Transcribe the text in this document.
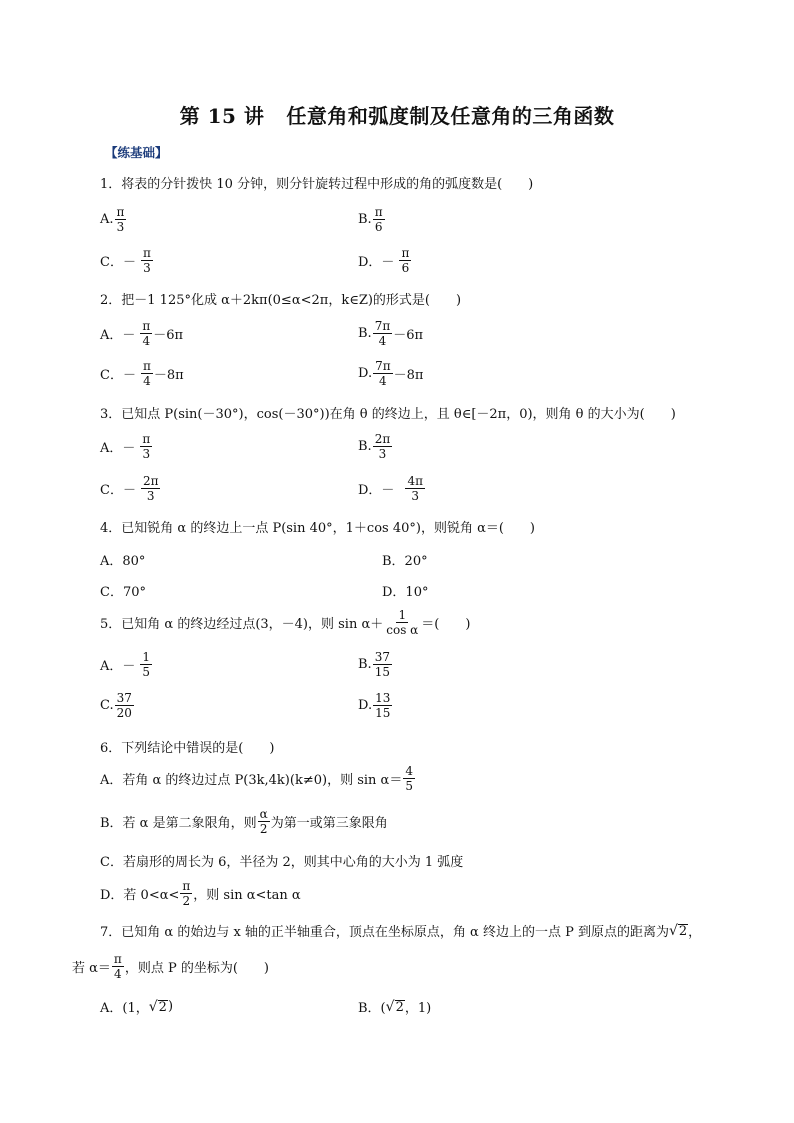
第 15 讲 任意角和弧度制及任意角的三角函数
【练基础】
1．将表的分针拨快 10 分钟，则分针旋转过程中形成的角的弧度数是(　　)
A. $\frac{\pi}{3}$	B. $\frac{\pi}{6}$
C．－ $\frac{\pi}{3}$	D．－ $\frac{\pi}{6}$
2．把－1 125°化成 α＋2kπ(0≤α<2π，k∈Z)的形式是(　　)
A．－ $\frac{\pi}{4} -6\pi$	B. $\frac{7\pi}{4} -6\pi$
C．－ $\frac{\pi}{4} -8\pi$	D. $\frac{7\pi}{4} -8\pi$
3．已知点 P(sin(－30°)，cos(－30°))在角 θ 的终边上，且 θ∈[－2π，0)，则角 θ 的大小为(　　)
A．－ $\frac{\pi}{3}$	B. $\frac{2\pi}{3}$
C．－ $\frac{2\pi}{3}$	D．－ $\frac{4\pi}{3}$
4．已知锐角 α 的终边上一点 P(sin 40°，1＋cos 40°)，则锐角 α＝(　　)
A．80°	B．20°
C．70°	D．10°
5．已知角 α 的终边经过点(3，－4)，则 $\sin \alpha+ \frac{1}{\text{cos α}}$ ＝(　　)
A．－ $\frac{1}{5}$	B. $\frac{37}{15}$
C. $\frac{37}{20}$	D. $\frac{13}{15}$
6．下列结论中错误的是(　　)
A．若角 α 的终边过点 P(3k,4k)(k≠0)，则 $\sin \alpha= \frac{4}{5}$
B．若 α 是第二象限角，则 $\frac{\alpha}{2}$ 为第一或第三象限角
C．若扇形的周长为 6，半径为 2，则其中心角的大小为 1 弧度
D．若 $0<\alpha< \frac{\pi}{2}$ ，则 sin α<tan α
7．已知角 α 的始边与 x 轴的正半轴重合，顶点在坐标原点，角 α 终边上的一点 P 到原点的距离为 √ 2 ，
若 $\alpha= \frac{\pi}{4}$ ，则点 P 的坐标为(　　)
A．(1， √ 2 )	B．( √ 2 ，1)
